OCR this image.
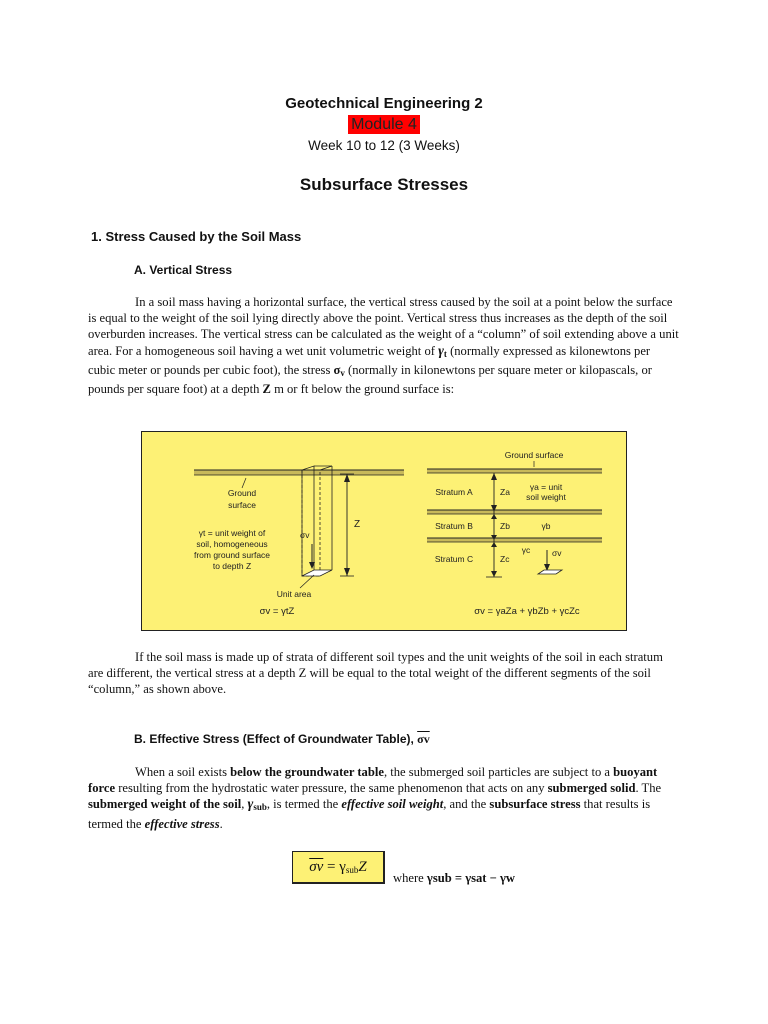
Geotechnical Engineering 2
Module 4
Week 10 to 12 (3 Weeks)
Subsurface Stresses
1. Stress Caused by the Soil Mass
A. Vertical Stress

In a soil mass having a horizontal surface, the vertical stress caused by the soil at a point below the surface is equal to the weight of the soil lying directly above the point. Vertical stress thus increases as the depth of the soil overburden increases. The vertical stress can be calculated as the weight of a “column” of soil extending above a unit area. For a homogeneous soil having a wet unit volumetric weight of $\gamma_t$ (normally expressed as kilonewtons per cubic meter or pounds per cubic foot), the stress $\sigma_v$ (normally in kilonewtons per square meter or kilopascals, or pounds per square foot) at a depth Z m or ft below the ground surface is:

Ground
surface
σv
γt = unit weight of
soil, homogeneous
from ground surface
to depth Z
Z
Unit area
σv = γtZ
Ground surface
Stratum A
Stratum B
Stratum C
Za
Zb
Zc
γa = unit
soil weight
γb
γc	σv
σv = γaZa + γbZb + γcZc

If the soil mass is made up of strata of different soil types and the unit weights of the soil in each stratum are different, the vertical stress at a depth Z will be equal to the total weight of the different segments of the soil “column,” as shown above.

B. Effective Stress (Effect of Groundwater Table), $\overline{\sigma v}$

When a soil exists below the groundwater table, the submerged soil particles are subject to a buoyant force resulting from the hydrostatic water pressure, the same phenomenon that acts on any submerged solid. The submerged weight of the soil, $\gamma_{sub}$, is termed the effective soil weight, and the subsurface stress that results is termed the effective stress.

$\overline{\sigma v} = \gamma_{sub}Z$
where γsub = γsat − γw
